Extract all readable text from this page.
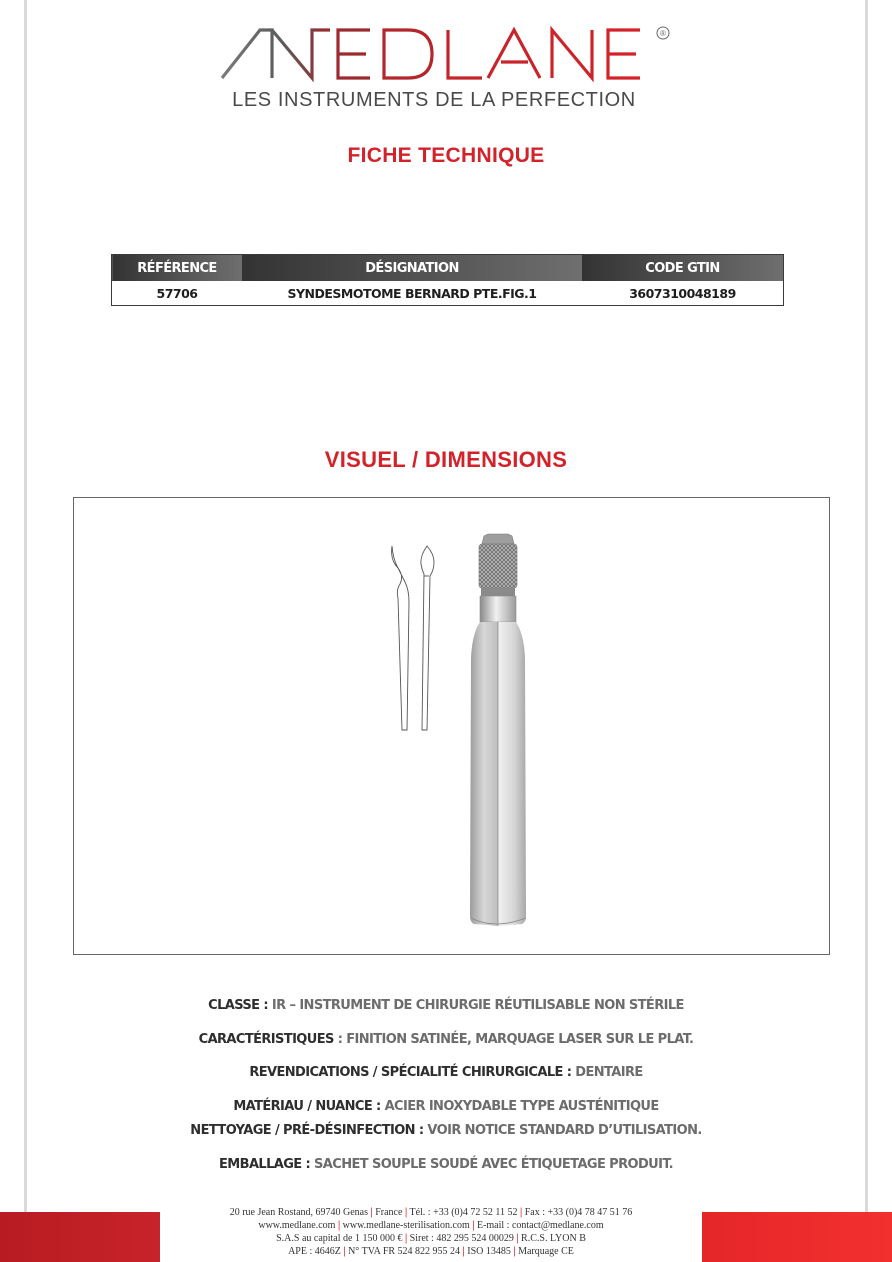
®
LES INSTRUMENTS DE LA PERFECTION
FICHE TECHNIQUE
RÉFÉRENCE	DÉSIGNATION	CODE GTIN
57706	SYNDESMOTOME BERNARD PTE.FIG.1	3607310048189
VISUEL / DIMENSIONS
CLASSE : IR – INSTRUMENT DE CHIRURGIE RÉUTILISABLE NON STÉRILE
CARACTÉRISTIQUES : FINITION SATINÉE, MARQUAGE LASER SUR LE PLAT.
REVENDICATIONS / SPÉCIALITÉ CHIRURGICALE : DENTAIRE
MATÉRIAU / NUANCE : ACIER INOXYDABLE TYPE AUSTÉNITIQUE
NETTOYAGE / PRÉ-DÉSINFECTION : VOIR NOTICE STANDARD D’UTILISATION.
EMBALLAGE : SACHET SOUPLE SOUDÉ AVEC ÉTIQUETAGE PRODUIT.
20 rue Jean Rostand, 69740 Genas | France | Tél. : +33 (0)4 72 52 11 52 | Fax : +33 (0)4 78 47 51 76
www.medlane.com | www.medlane-sterilisation.com | E-mail : contact@medlane.com
S.A.S au capital de 1 150 000 € | Siret : 482 295 524 00029 | R.C.S. LYON B
APE : 4646Z | N° TVA FR 524 822 955 24 | ISO 13485 | Marquage CE
